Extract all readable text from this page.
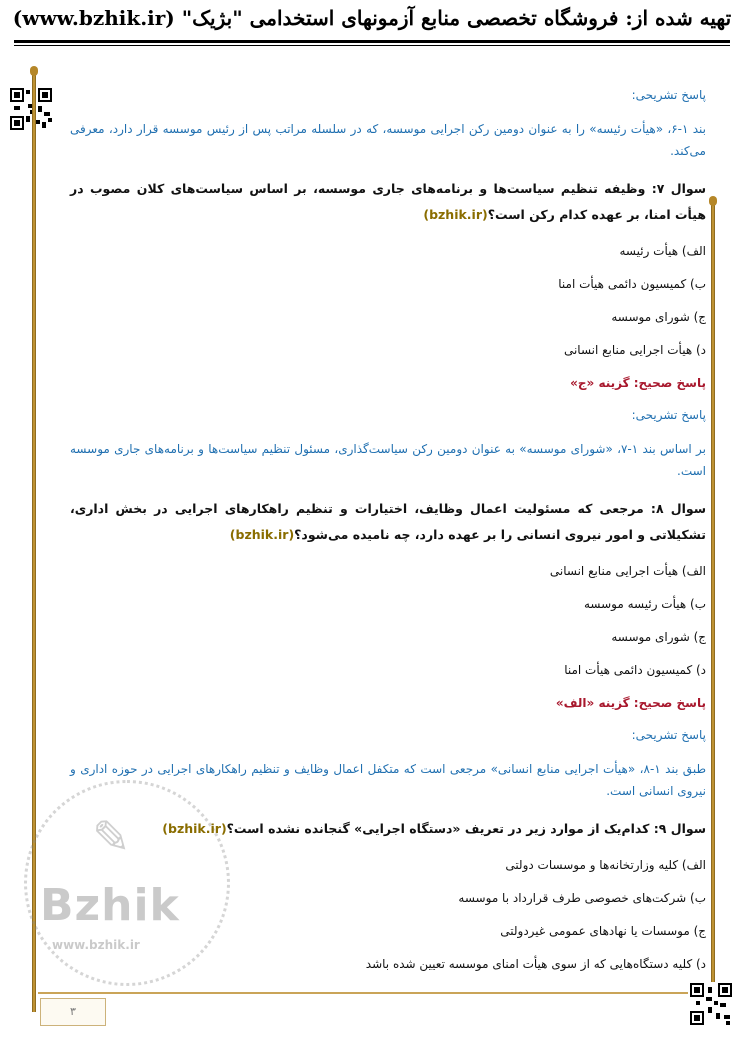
تهیه شده از: فروشگاه تخصصی منابع آزمونهای استخدامی "بژیک" (www.bzhik.ir)
✎
Bzhik
www.bzhik.ir
پاسخ تشریحی:
بند ۱-۶، «هیأت رئیسه» را به عنوان دومین رکن اجرایی موسسه، که در سلسله مراتب پس از رئیس موسسه قرار دارد، معرفی می‌کند.
سوال ۷: وظیفه تنظیم سیاست‌ها و برنامه‌های جاری موسسه، بر اساس سیاست‌های کلان مصوب در هیأت امنا، بر عهده کدام رکن است؟(bzhik.ir)
الف) هیأت رئیسه
ب) کمیسیون دائمی هیأت امنا
ج) شورای موسسه
د) هیأت اجرایی منابع انسانی
پاسخ صحیح: گزینه «ج»
پاسخ تشریحی:
بر اساس بند ۱-۷، «شورای موسسه» به عنوان دومین رکن سیاست‌گذاری، مسئول تنظیم سیاست‌ها و برنامه‌های جاری موسسه است.
سوال ۸: مرجعی که مسئولیت اعمال وظایف، اختیارات و تنظیم راهکارهای اجرایی در بخش اداری، تشکیلاتی و امور نیروی انسانی را بر عهده دارد، چه نامیده می‌شود؟(bzhik.ir)
الف) هیأت اجرایی منابع انسانی
ب) هیأت رئیسه موسسه
ج) شورای موسسه
د) کمیسیون دائمی هیأت امنا
پاسخ صحیح: گزینه «الف»
پاسخ تشریحی:
طبق بند ۱-۸، «هیأت اجرایی منابع انسانی» مرجعی است که متکفل اعمال وظایف و تنظیم راهکارهای اجرایی در حوزه اداری و نیروی انسانی است.
سوال ۹: کدام‌یک از موارد زیر در تعریف «دستگاه اجرایی» گنجانده نشده است؟(bzhik.ir)
الف) کلیه وزارتخانه‌ها و موسسات دولتی
ب) شرکت‌های خصوصی طرف قرارداد با موسسه
ج) موسسات یا نهادهای عمومی غیردولتی
د) کلیه دستگاه‌هایی که از سوی هیأت امنای موسسه تعیین شده باشد
۳
